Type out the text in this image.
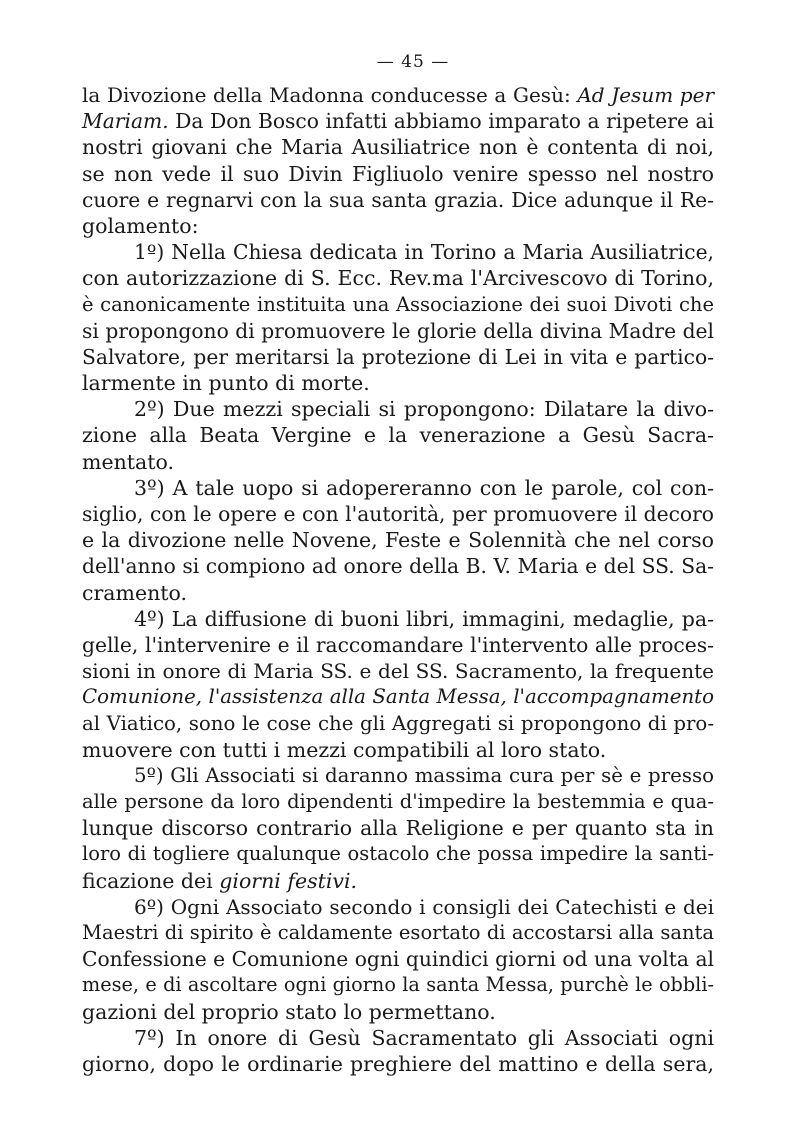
— 45 —
la Divozione della Madonna conducesse a Gesù: Ad Jesum per
Mariam. Da Don Bosco infatti abbiamo imparato a ripetere ai
nostri giovani che Maria Ausiliatrice non è contenta di noi,
se non vede il suo Divin Figliuolo venire spesso nel nostro
cuore e regnarvi con la sua santa grazia. Dice adunque il Re-
golamento:
1º) Nella Chiesa dedicata in Torino a Maria Ausiliatrice,
con autorizzazione di S. Ecc. Rev.ma l'Arcivescovo di Torino,
è canonicamente instituita una Associazione dei suoi Divoti che
si propongono di promuovere le glorie della divina Madre del
Salvatore, per meritarsi la protezione di Lei in vita e partico-
larmente in punto di morte.
2º) Due mezzi speciali si propongono: Dilatare la divo-
zione alla Beata Vergine e la venerazione a Gesù Sacra-
mentato.
3º) A tale uopo si adopereranno con le parole, col con-
siglio, con le opere e con l'autorità, per promuovere il decoro
e la divozione nelle Novene, Feste e Solennità che nel corso
dell'anno si compiono ad onore della B. V. Maria e del SS. Sa-
cramento.
4º) La diffusione di buoni libri, immagini, medaglie, pa-
gelle, l'intervenire e il raccomandare l'intervento alle proces-
sioni in onore di Maria SS. e del SS. Sacramento, la frequente
Comunione, l'assistenza alla Santa Messa, l'accompagnamento
al Viatico, sono le cose che gli Aggregati si propongono di pro-
muovere con tutti i mezzi compatibili al loro stato.
5º) Gli Associati si daranno massima cura per sè e presso
alle persone da loro dipendenti d'impedire la bestemmia e qua-
lunque discorso contrario alla Religione e per quanto sta in
loro di togliere qualunque ostacolo che possa impedire la santi-
ficazione dei giorni festivi.
6º) Ogni Associato secondo i consigli dei Catechisti e dei
Maestri di spirito è caldamente esortato di accostarsi alla santa
Confessione e Comunione ogni quindici giorni od una volta al
mese, e di ascoltare ogni giorno la santa Messa, purchè le obbli-
gazioni del proprio stato lo permettano.
7º) In onore di Gesù Sacramentato gli Associati ogni
giorno, dopo le ordinarie preghiere del mattino e della sera,
